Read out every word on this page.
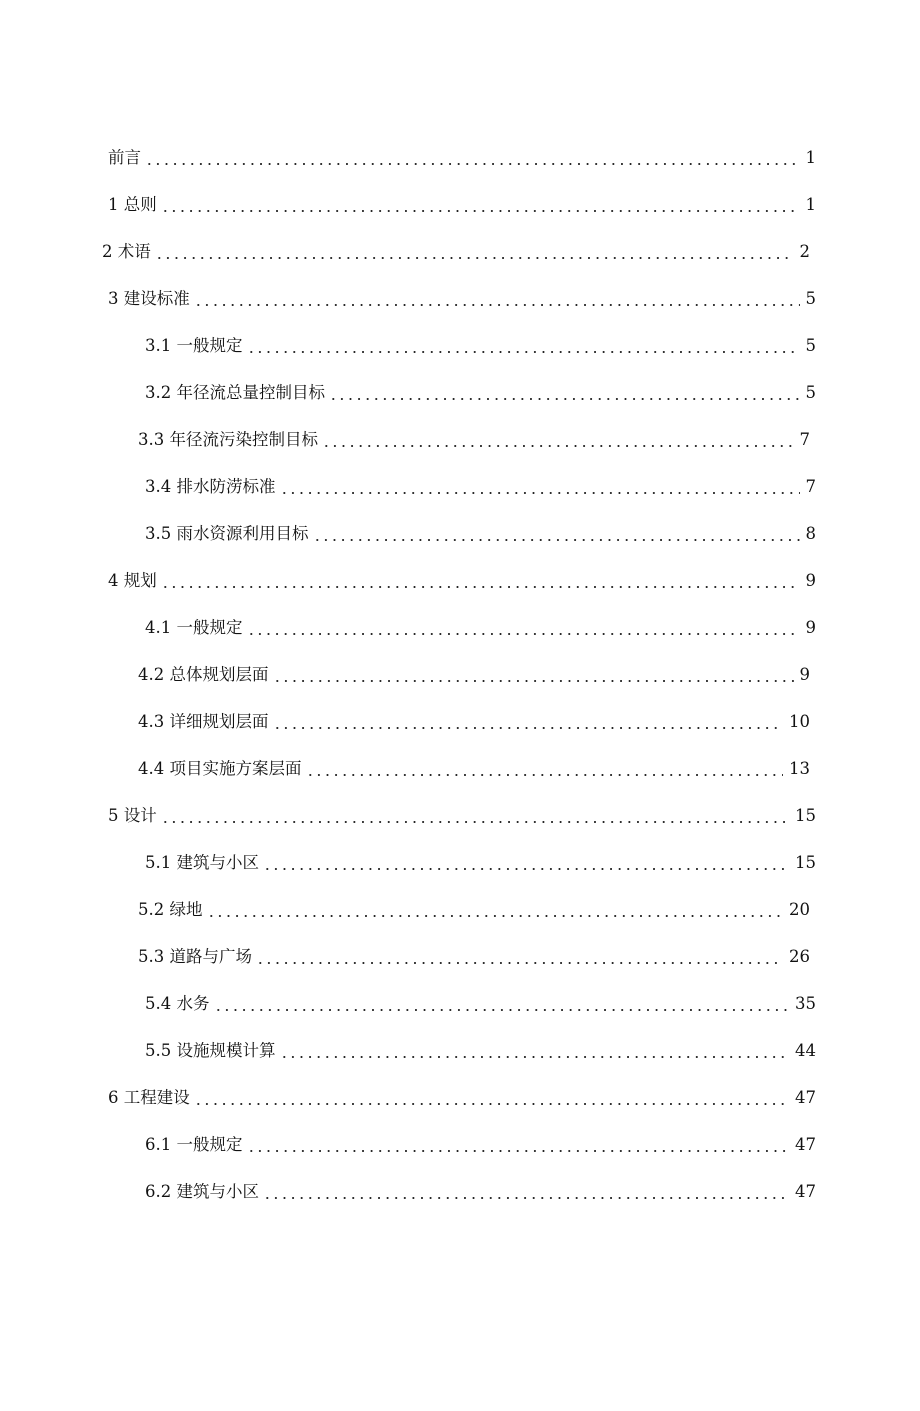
前言	1
1 总则	1
2 术语	2
3 建设标准	5
3.1 一般规定	5
3.2 年径流总量控制目标	5
3.3 年径流污染控制目标	7
3.4 排水防涝标准	7
3.5 雨水资源利用目标	8
4 规划	9
4.1 一般规定	9
4.2 总体规划层面	9
4.3 详细规划层面	10
4.4 项目实施方案层面	13
5 设计	15
5.1 建筑与小区	15
5.2 绿地	20
5.3 道路与广场	26
5.4 水务	35
5.5 设施规模计算	44
6 工程建设	47
6.1 一般规定	47
6.2 建筑与小区	47
